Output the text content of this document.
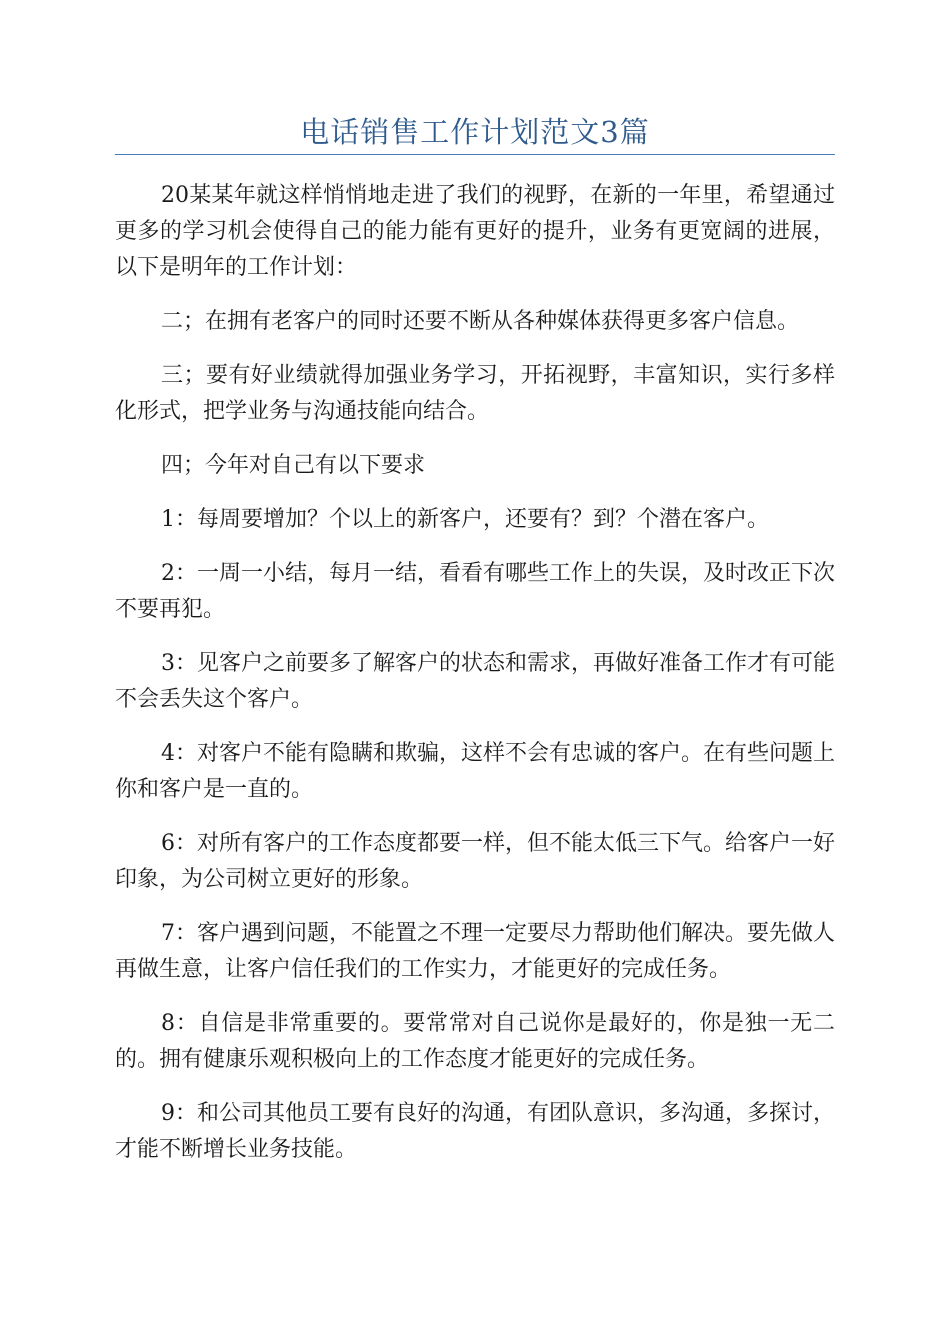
电话销售工作计划范文3篇

20某某年就这样悄悄地走进了我们的视野，在新的一年里，希望通过更多的学习机会使得自己的能力能有更好的提升，业务有更宽阔的进展，以下是明年的工作计划：

二；在拥有老客户的同时还要不断从各种媒体获得更多客户信息。

三；要有好业绩就得加强业务学习，开拓视野，丰富知识，实行多样化形式，把学业务与沟通技能向结合。

四；今年对自己有以下要求

1：每周要增加？个以上的新客户，还要有？到？个潜在客户。

2：一周一小结，每月一结，看看有哪些工作上的失误，及时改正下次不要再犯。

3：见客户之前要多了解客户的状态和需求，再做好准备工作才有可能不会丢失这个客户。

4：对客户不能有隐瞒和欺骗，这样不会有忠诚的客户。在有些问题上你和客户是一直的。

6：对所有客户的工作态度都要一样，但不能太低三下气。给客户一好印象，为公司树立更好的形象。

7：客户遇到问题，不能置之不理一定要尽力帮助他们解决。要先做人再做生意，让客户信任我们的工作实力，才能更好的完成任务。

8：自信是非常重要的。要常常对自己说你是最好的，你是独一无二的。拥有健康乐观积极向上的工作态度才能更好的完成任务。

9：和公司其他员工要有良好的沟通，有团队意识，多沟通，多探讨，才能不断增长业务技能。
